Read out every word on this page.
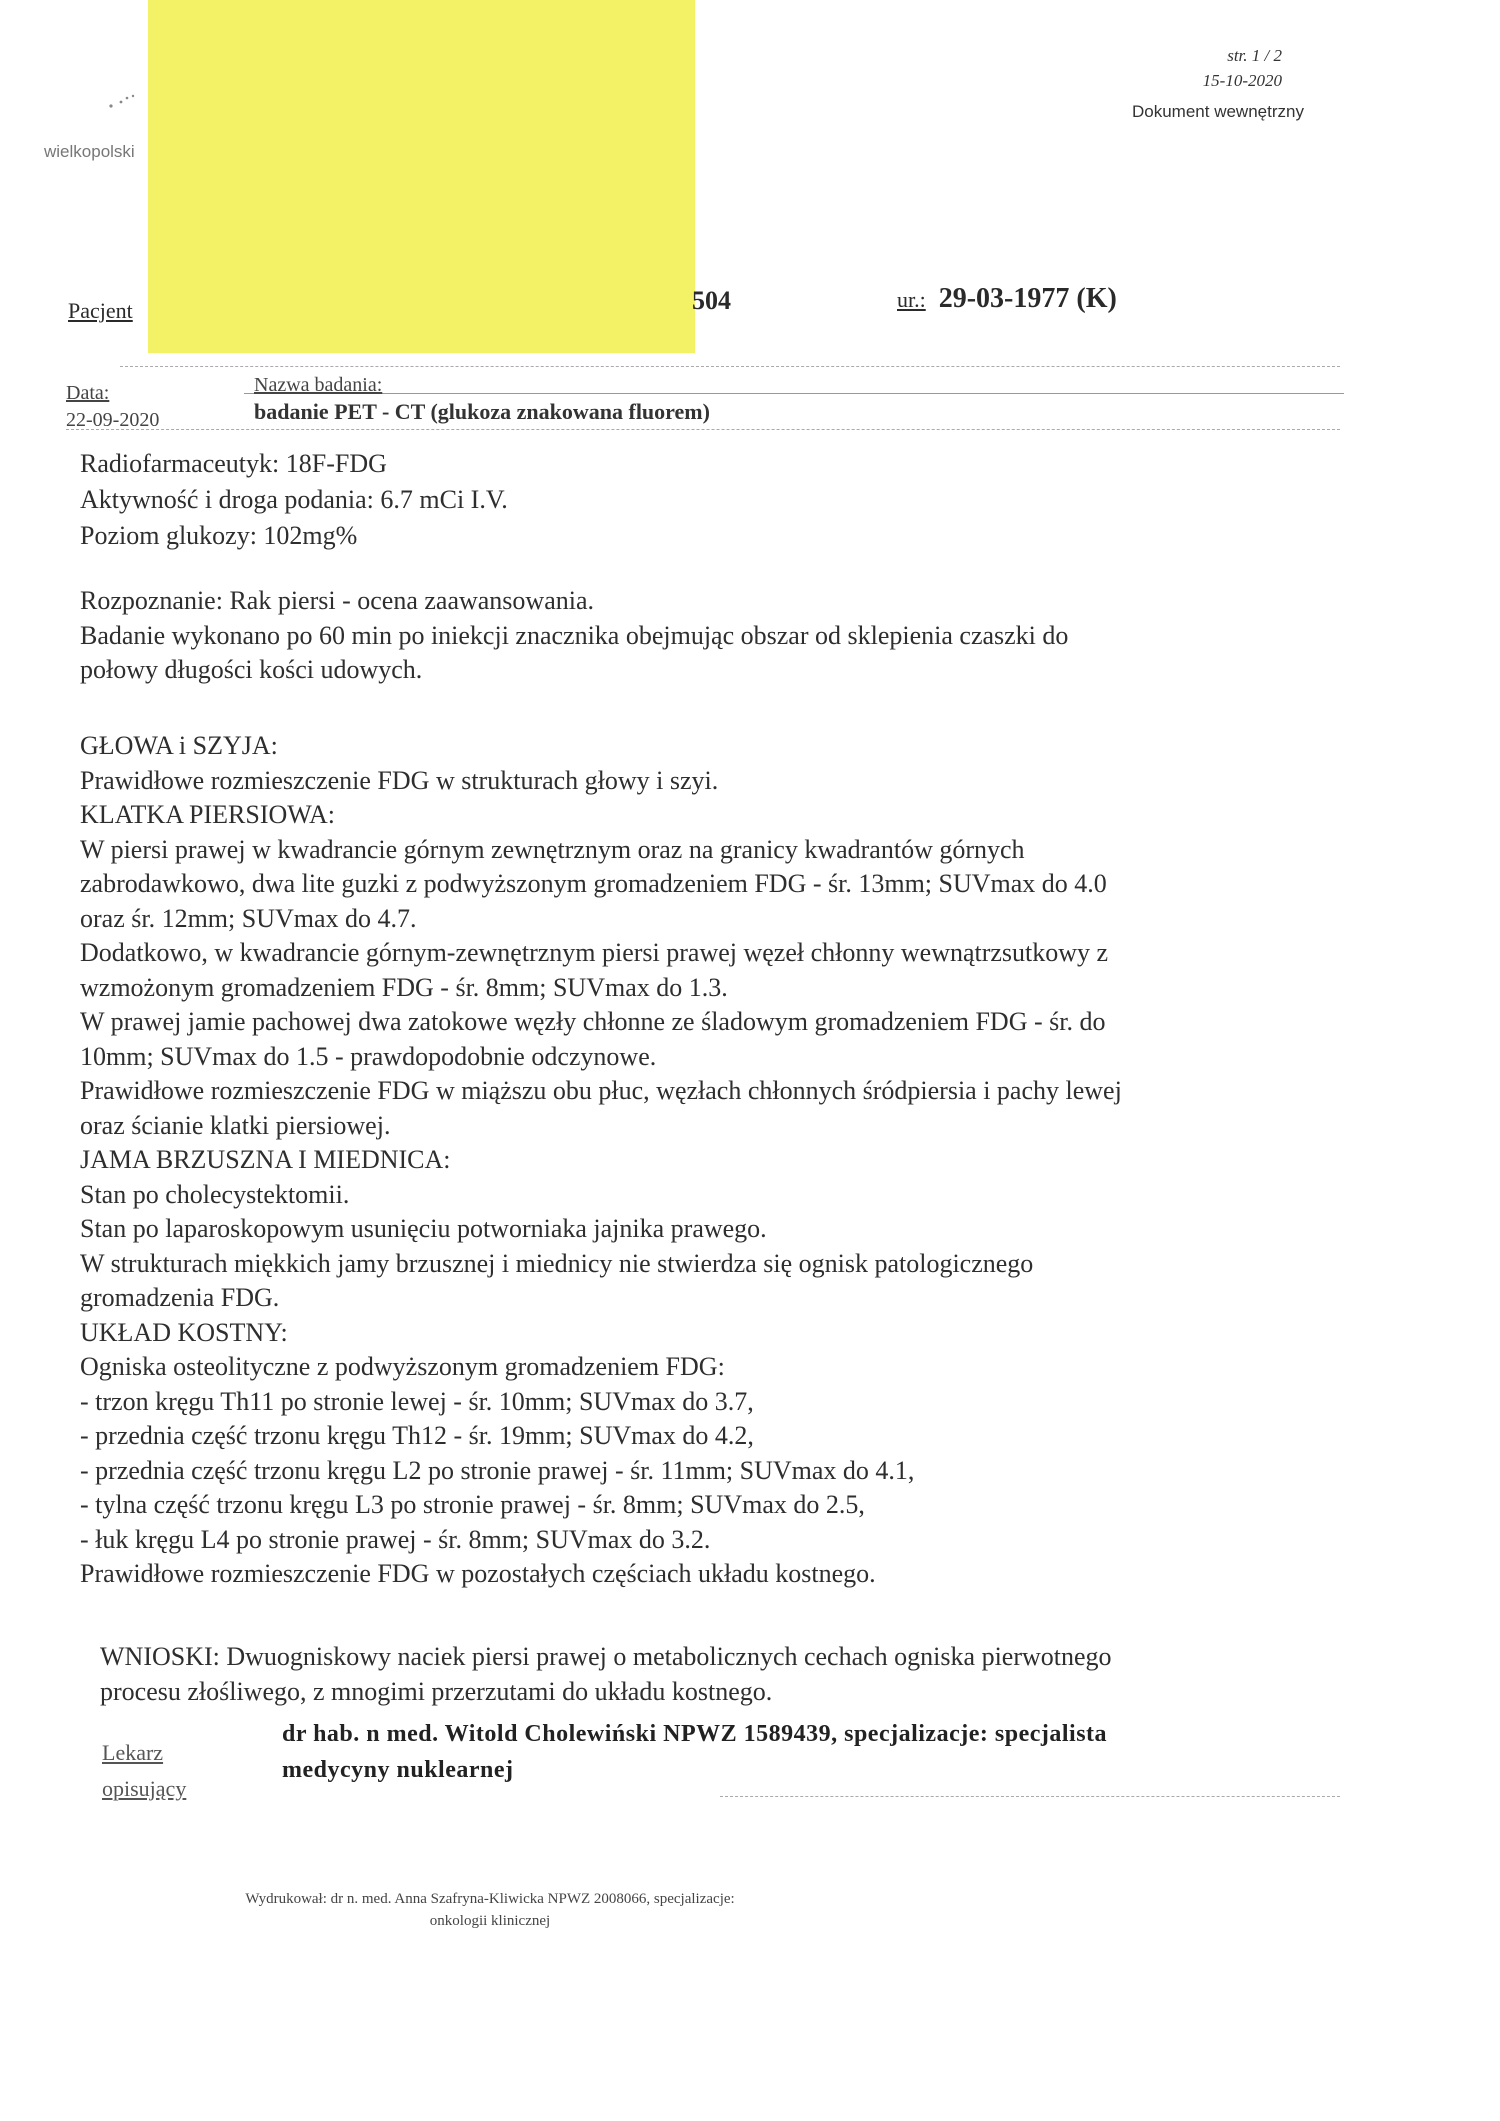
wielkopolski
str. 1 / 2
15-10-2020
Dokument wewnętrzny
Pacjent	504	ur.: 29-03-1977 (K)
Data:
22-09-2020
Nazwa badania:
badanie PET - CT (glukoza znakowana fluorem)
Radiofarmaceutyk: 18F-FDG
Aktywność i droga podania: 6.7 mCi I.V.
Poziom glukozy: 102mg%
Rozpoznanie: Rak piersi - ocena zaawansowania.
Badanie wykonano po 60 min po iniekcji znacznika obejmując obszar od sklepienia czaszki do
połowy długości kości udowych.
GŁOWA i SZYJA:
Prawidłowe rozmieszczenie FDG w strukturach głowy i szyi.
KLATKA PIERSIOWA:
W piersi prawej w kwadrancie górnym zewnętrznym oraz na granicy kwadrantów górnych
zabrodawkowo, dwa lite guzki z podwyższonym gromadzeniem FDG - śr. 13mm; SUVmax do 4.0
oraz śr. 12mm; SUVmax do 4.7.
Dodatkowo, w kwadrancie górnym-zewnętrznym piersi prawej węzeł chłonny wewnątrzsutkowy z
wzmożonym gromadzeniem FDG - śr. 8mm; SUVmax do 1.3.
W prawej jamie pachowej dwa zatokowe węzły chłonne ze śladowym gromadzeniem FDG - śr. do
10mm; SUVmax do 1.5 - prawdopodobnie odczynowe.
Prawidłowe rozmieszczenie FDG w miąższu obu płuc, węzłach chłonnych śródpiersia i pachy lewej
oraz ścianie klatki piersiowej.
JAMA BRZUSZNA I MIEDNICA:
Stan po cholecystektomii.
Stan po laparoskopowym usunięciu potworniaka jajnika prawego.
W strukturach miękkich jamy brzusznej i miednicy nie stwierdza się ognisk patologicznego
gromadzenia FDG.
UKŁAD KOSTNY:
Ogniska osteolityczne z podwyższonym gromadzeniem FDG:
- trzon kręgu Th11 po stronie lewej - śr. 10mm; SUVmax do 3.7,
- przednia część trzonu kręgu Th12 - śr. 19mm; SUVmax do 4.2,
- przednia część trzonu kręgu L2 po stronie prawej - śr. 11mm; SUVmax do 4.1,
- tylna część trzonu kręgu L3 po stronie prawej - śr. 8mm; SUVmax do 2.5,
- łuk kręgu L4 po stronie prawej - śr. 8mm; SUVmax do 3.2.
Prawidłowe rozmieszczenie FDG w pozostałych częściach układu kostnego.
WNIOSKI: Dwuogniskowy naciek piersi prawej o metabolicznych cechach ogniska pierwotnego
procesu złośliwego, z mnogimi przerzutami do układu kostnego.
Lekarz
opisujący
dr hab. n med. Witold Cholewiński NPWZ 1589439, specjalizacje: specjalista
medycyny nuklearnej
Wydrukował: dr n. med. Anna Szafryna-Kliwicka NPWZ 2008066, specjalizacje:
onkologii klinicznej
